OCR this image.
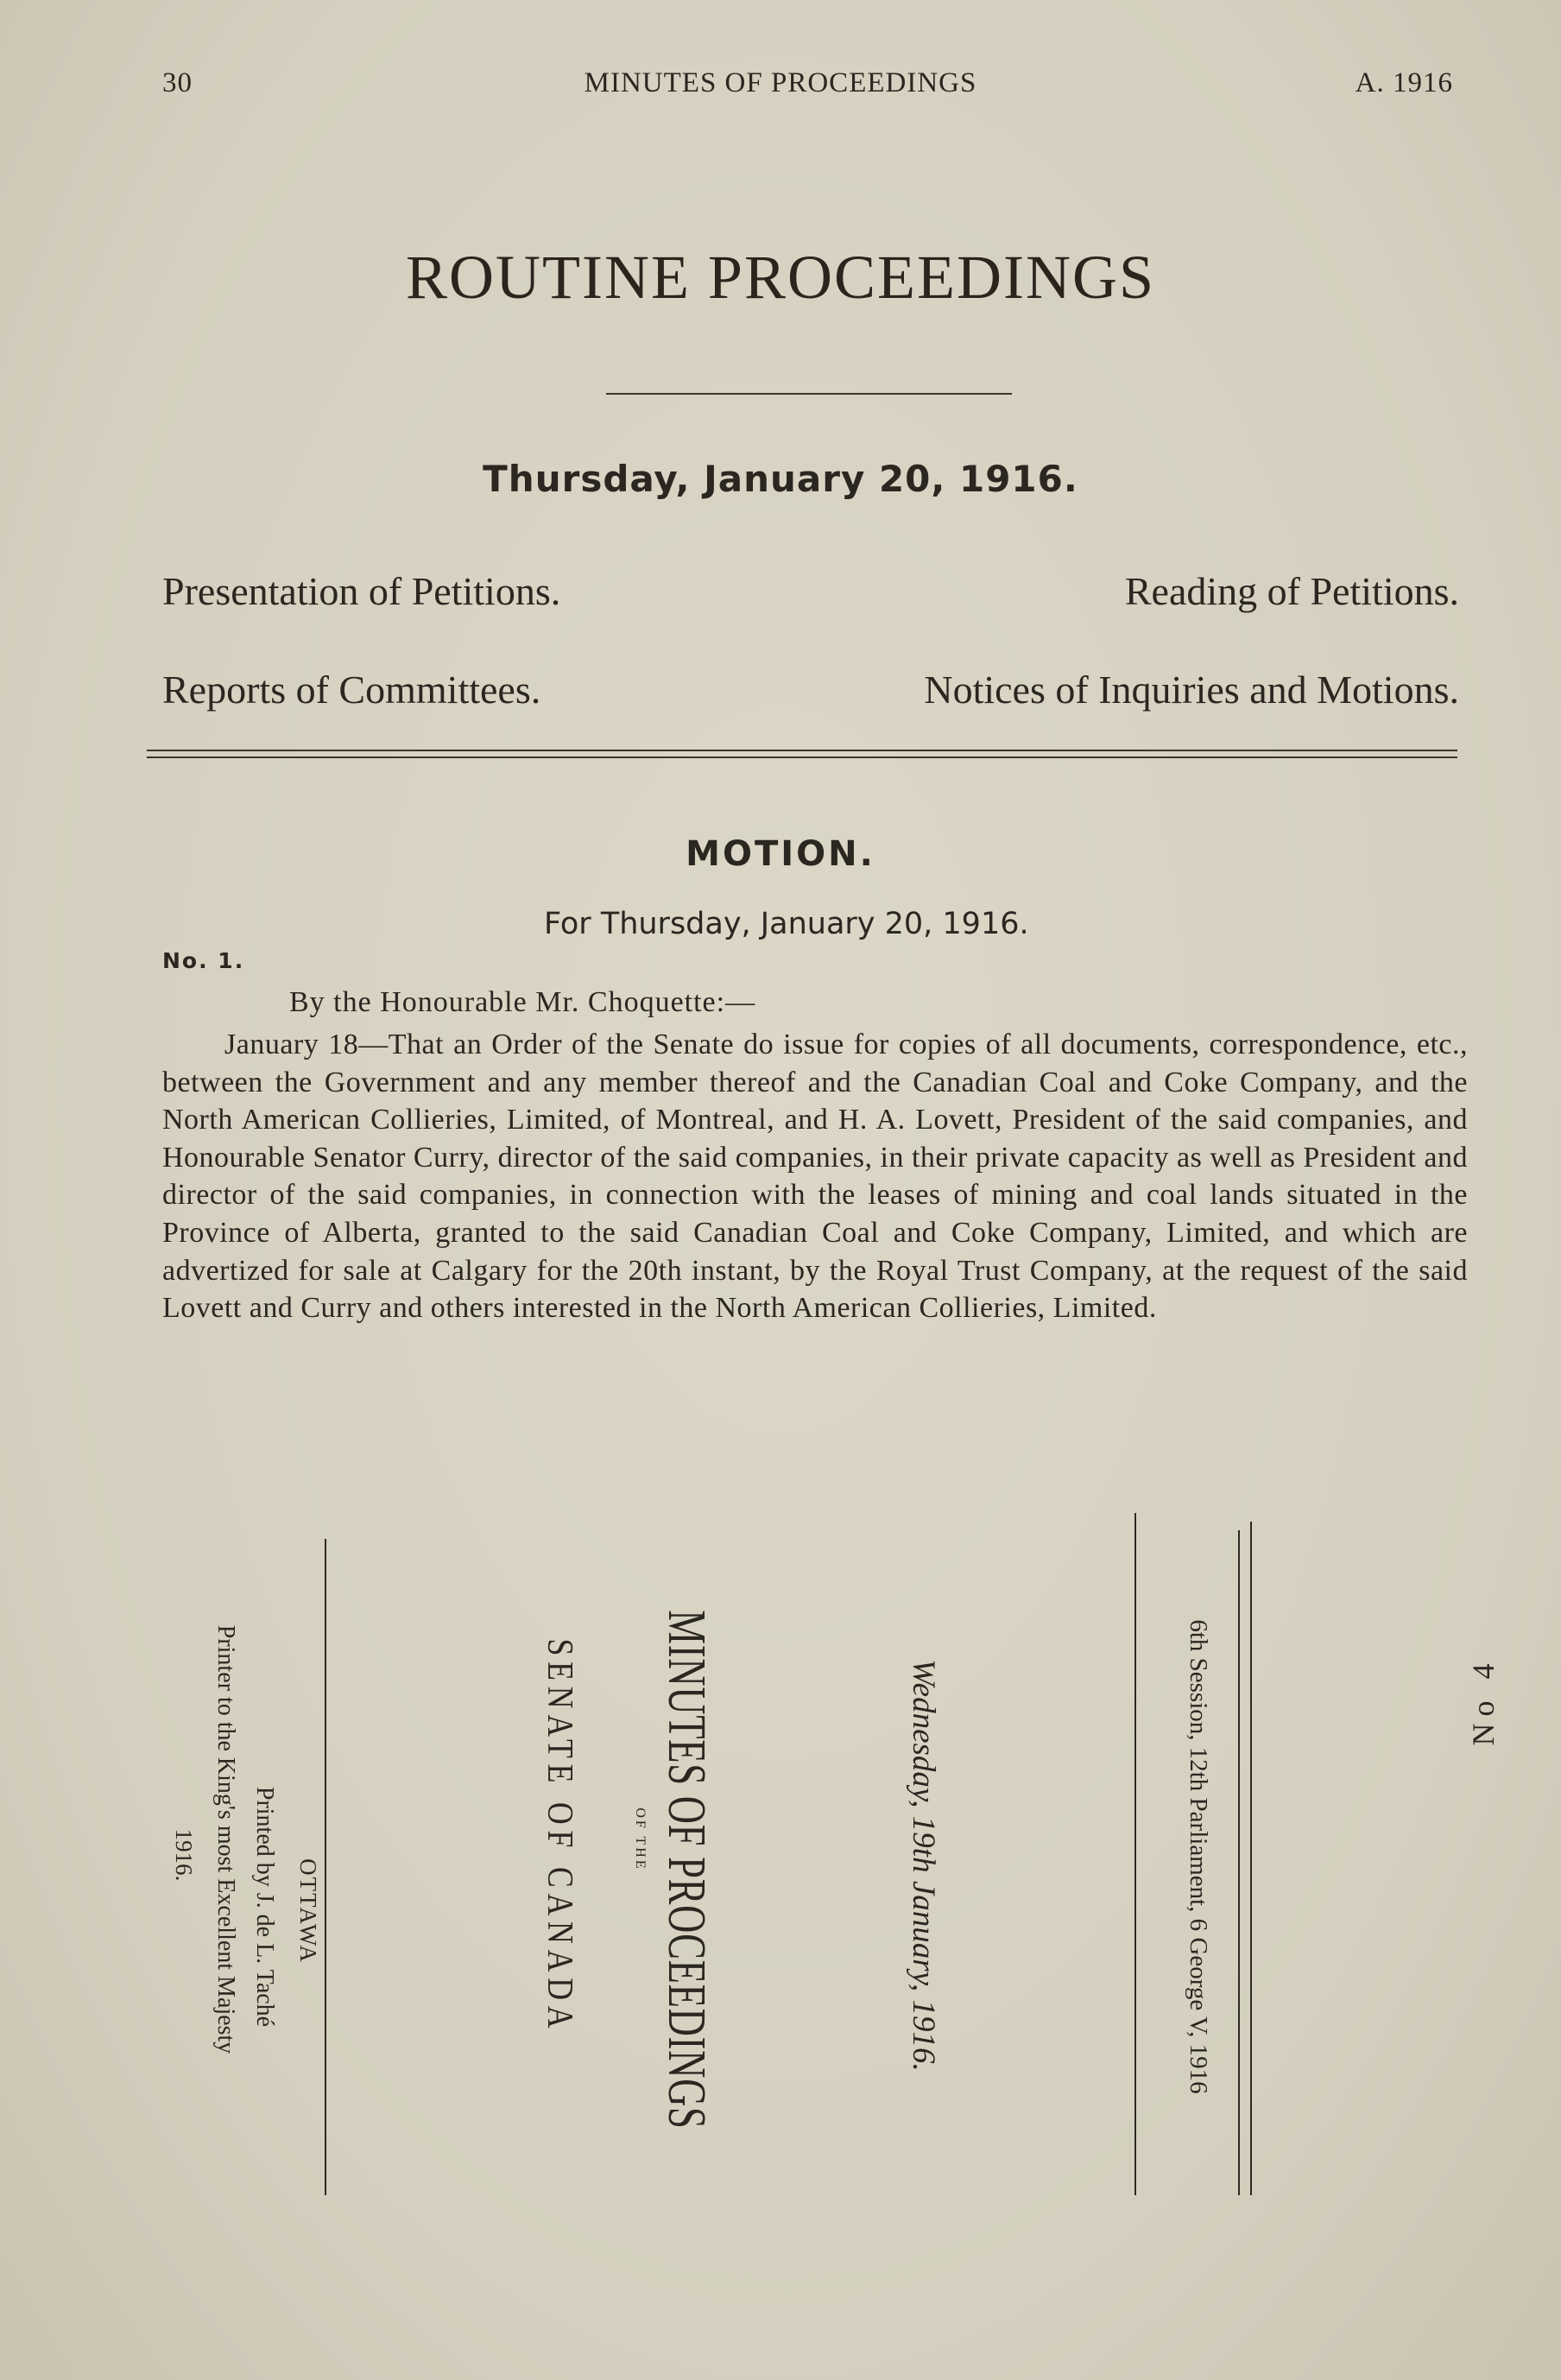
30	MINUTES OF PROCEEDINGS	A. 1916
ROUTINE PROCEEDINGS
Thursday, January 20, 1916.
Presentation of Petitions.	Reading of Petitions.
Reports of Committees.	Notices of Inquiries and Motions.
MOTION.
For Thursday, January 20, 1916.
No. 1.
By the Honourable Mr. Choquette:—
January 18—That an Order of the Senate do issue for copies of all documents, correspondence, etc., between the Government and any member thereof and the Canadian Coal and Coke Company, and the North American Collieries, Limited, of Montreal, and H. A. Lovett, President of the said companies, and Honourable Senator Curry, director of the said companies, in their private capacity as well as President and director of the said companies, in connection with the leases of mining and coal lands situated in the Province of Alberta, granted to the said Canadian Coal and Coke Company, Limited, and which are advertized for sale at Calgary for the 20th instant, by the Royal Trust Company, at the request of the said Lovett and Curry and others interested in the North American Collieries, Limited.
No 4
6th Session, 12th Parliament, 6 George V, 1916
Wednesday, 19th January, 1916.
MINUTES OF PROCEEDINGS
OF THE
SENATE OF CANADA
OTTAWA
Printed by J. de L. Taché
Printer to the King's most Excellent Majesty
1916.
